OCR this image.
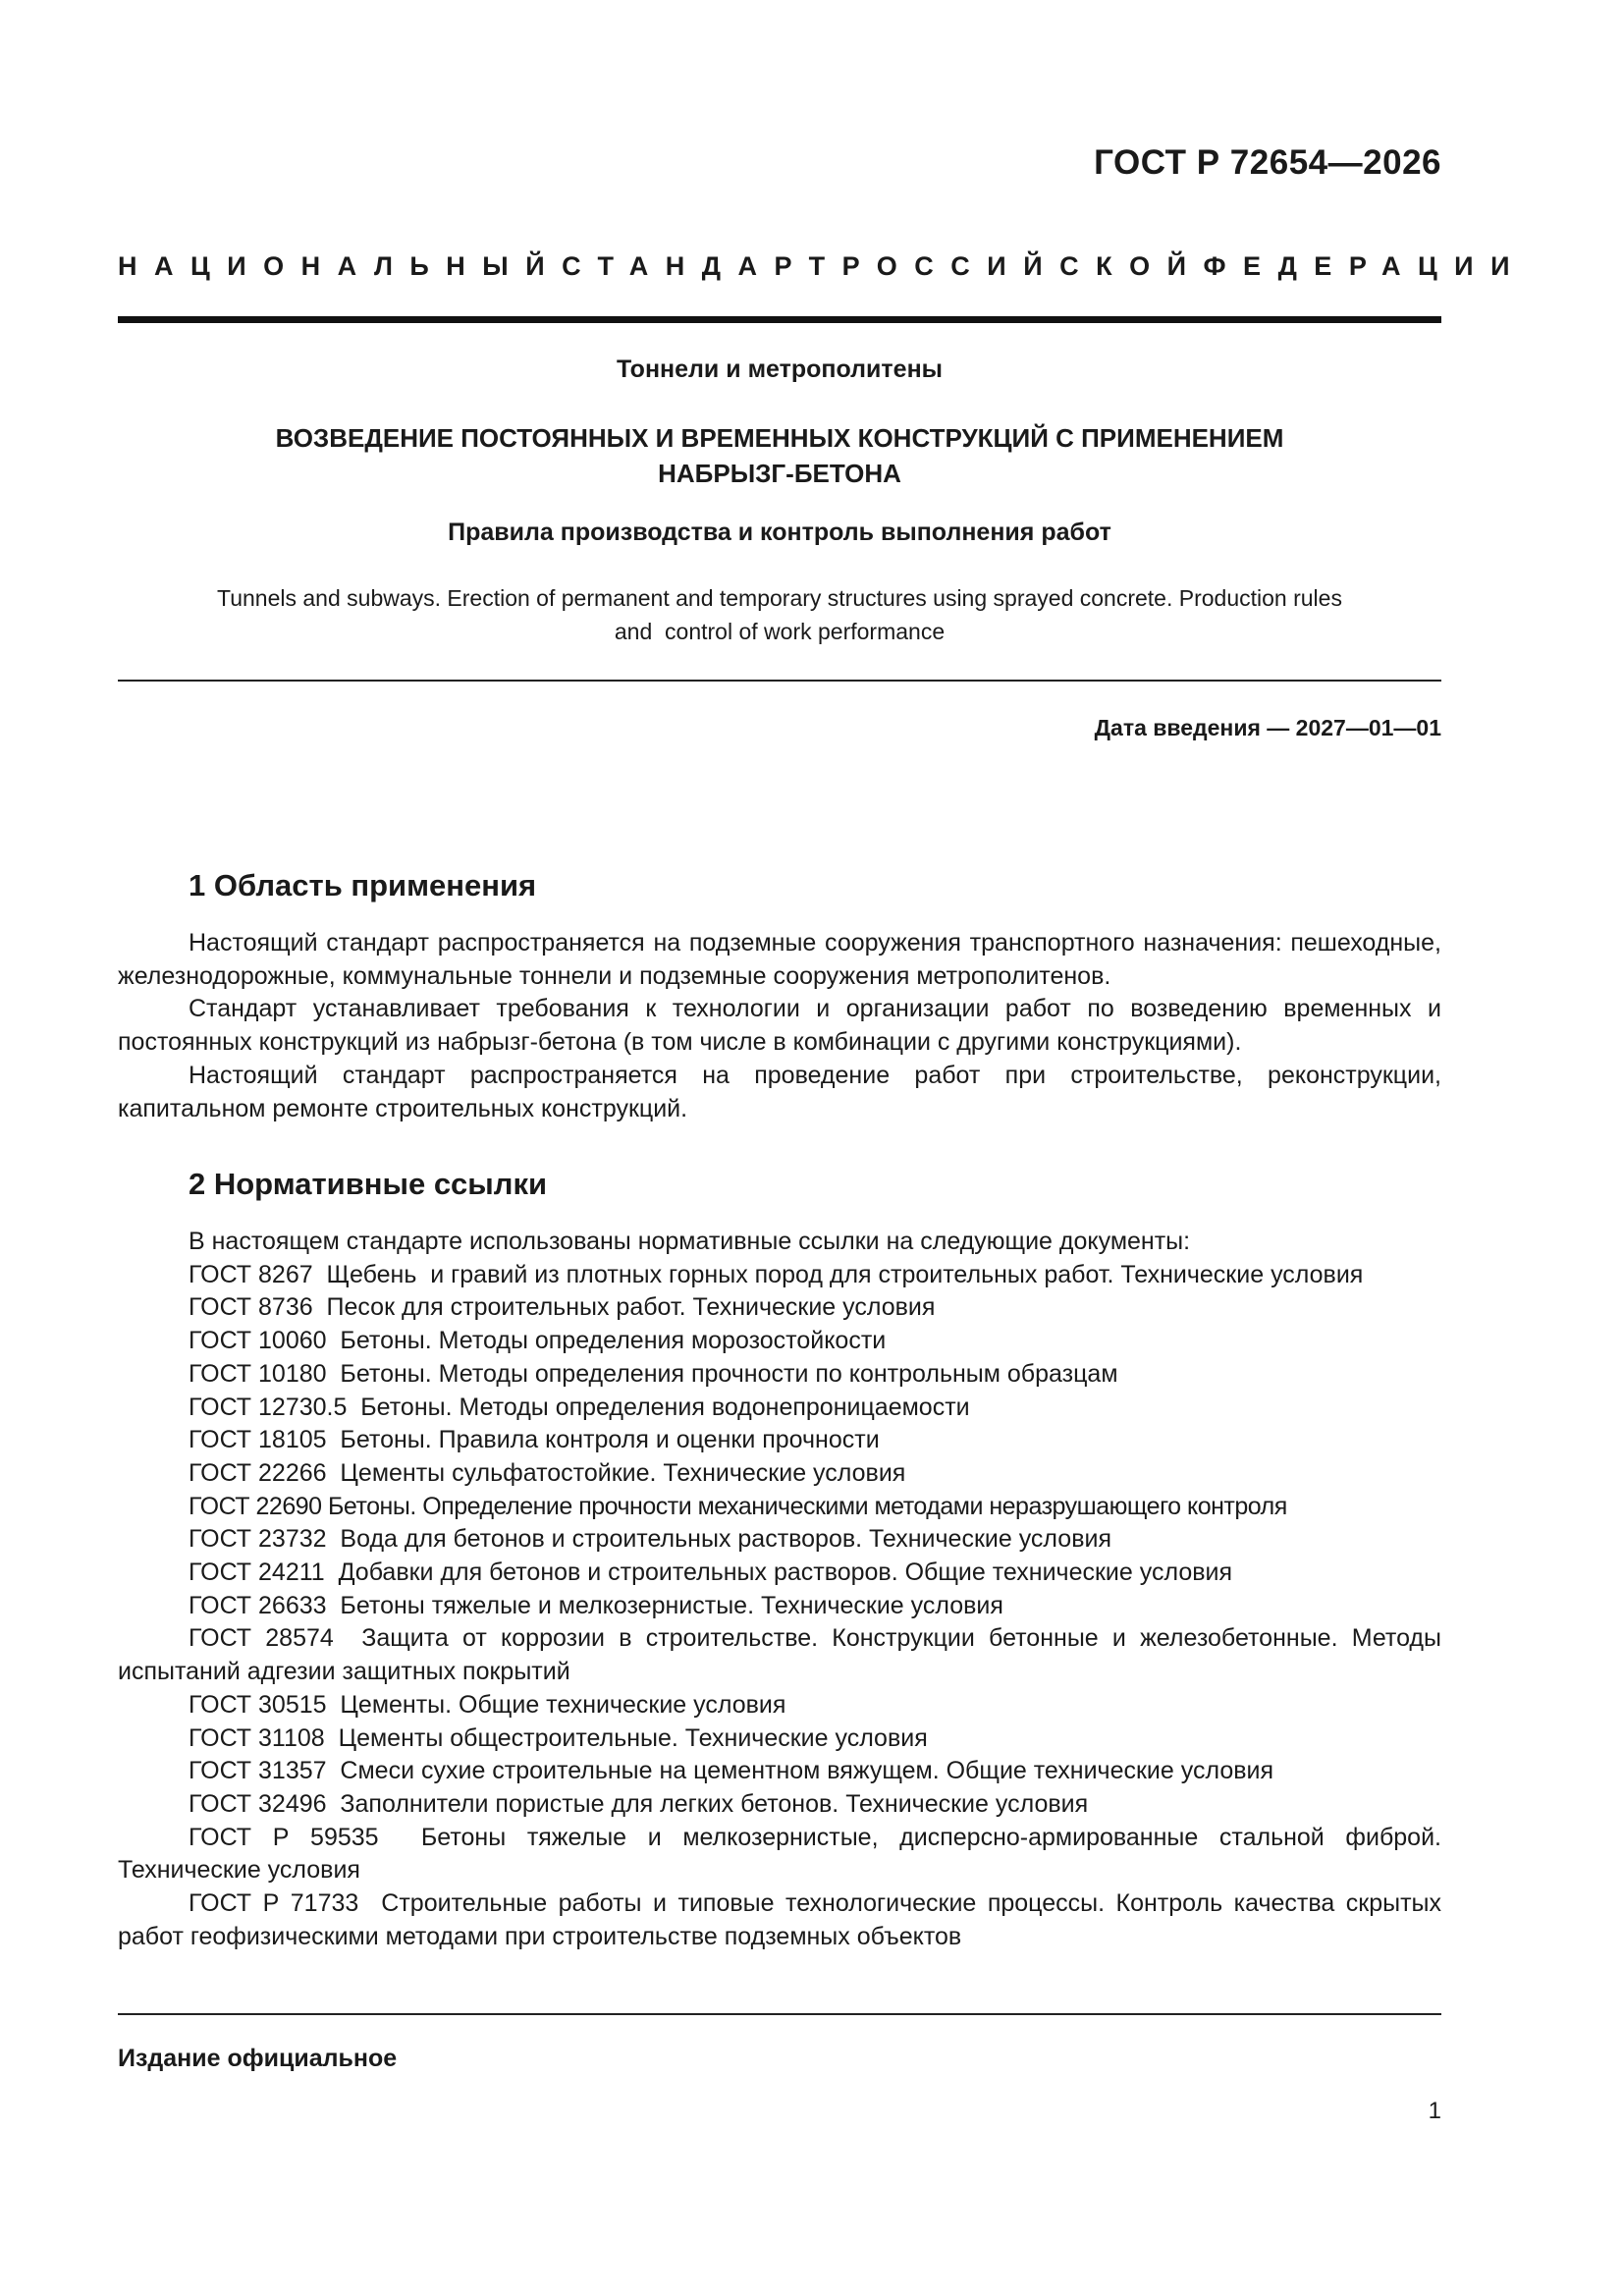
ГОСТ Р 72654—2026
НАЦИОНАЛЬНЫЙ СТАНДАРТ РОССИЙСКОЙ ФЕДЕРАЦИИ
Тоннели и метрополитены
ВОЗВЕДЕНИЕ ПОСТОЯННЫХ И ВРЕМЕННЫХ КОНСТРУКЦИЙ С ПРИМЕНЕНИЕМ
НАБРЫЗГ-БЕТОНА
Правила производства и контроль выполнения работ
Tunnels and subways. Erection of permanent and temporary structures using sprayed concrete. Production rules
and  control of work performance
Дата введения — 2027—01—01
1 Область применения

Настоящий стандарт распространяется на подземные сооружения транспортного назначения: пешеходные, железнодорожные, коммунальные тоннели и подземные сооружения метрополитенов.

Стандарт устанавливает требования к технологии и организации работ по возведению временных и постоянных конструкций из набрызг-бетона (в том числе в комбинации с другими конструкциями).

Настоящий стандарт распространяется на проведение работ при строительстве, реконструкции, капитальном ремонте строительных конструкций.

2 Нормативные ссылки

В настоящем стандарте использованы нормативные ссылки на следующие документы:

ГОСТ 8267  Щебень  и гравий из плотных горных пород для строительных работ. Технические условия

ГОСТ 8736  Песок для строительных работ. Технические условия

ГОСТ 10060  Бетоны. Методы определения морозостойкости

ГОСТ 10180  Бетоны. Методы определения прочности по контрольным образцам

ГОСТ 12730.5  Бетоны. Методы определения водонепроницаемости

ГОСТ 18105  Бетоны. Правила контроля и оценки прочности

ГОСТ 22266  Цементы сульфатостойкие. Технические условия

ГОСТ 22690 Бетоны. Определение прочности механическими методами неразрушающего контроля

ГОСТ 23732  Вода для бетонов и строительных растворов. Технические условия

ГОСТ 24211  Добавки для бетонов и строительных растворов. Общие технические условия

ГОСТ 26633  Бетоны тяжелые и мелкозернистые. Технические условия

ГОСТ 28574  Защита от коррозии в строительстве. Конструкции бетонные и железобетонные. Методы испытаний адгезии защитных покрытий

ГОСТ 30515  Цементы. Общие технические условия

ГОСТ 31108  Цементы общестроительные. Технические условия

ГОСТ 31357  Смеси сухие строительные на цементном вяжущем. Общие технические условия

ГОСТ 32496  Заполнители пористые для легких бетонов. Технические условия

ГОСТ Р 59535  Бетоны тяжелые и мелкозернистые, дисперсно-армированные стальной фиброй. Технические условия

ГОСТ Р 71733  Строительные работы и типовые технологические процессы. Контроль качества скрытых работ геофизическими методами при строительстве подземных объектов

Издание официальное
1
